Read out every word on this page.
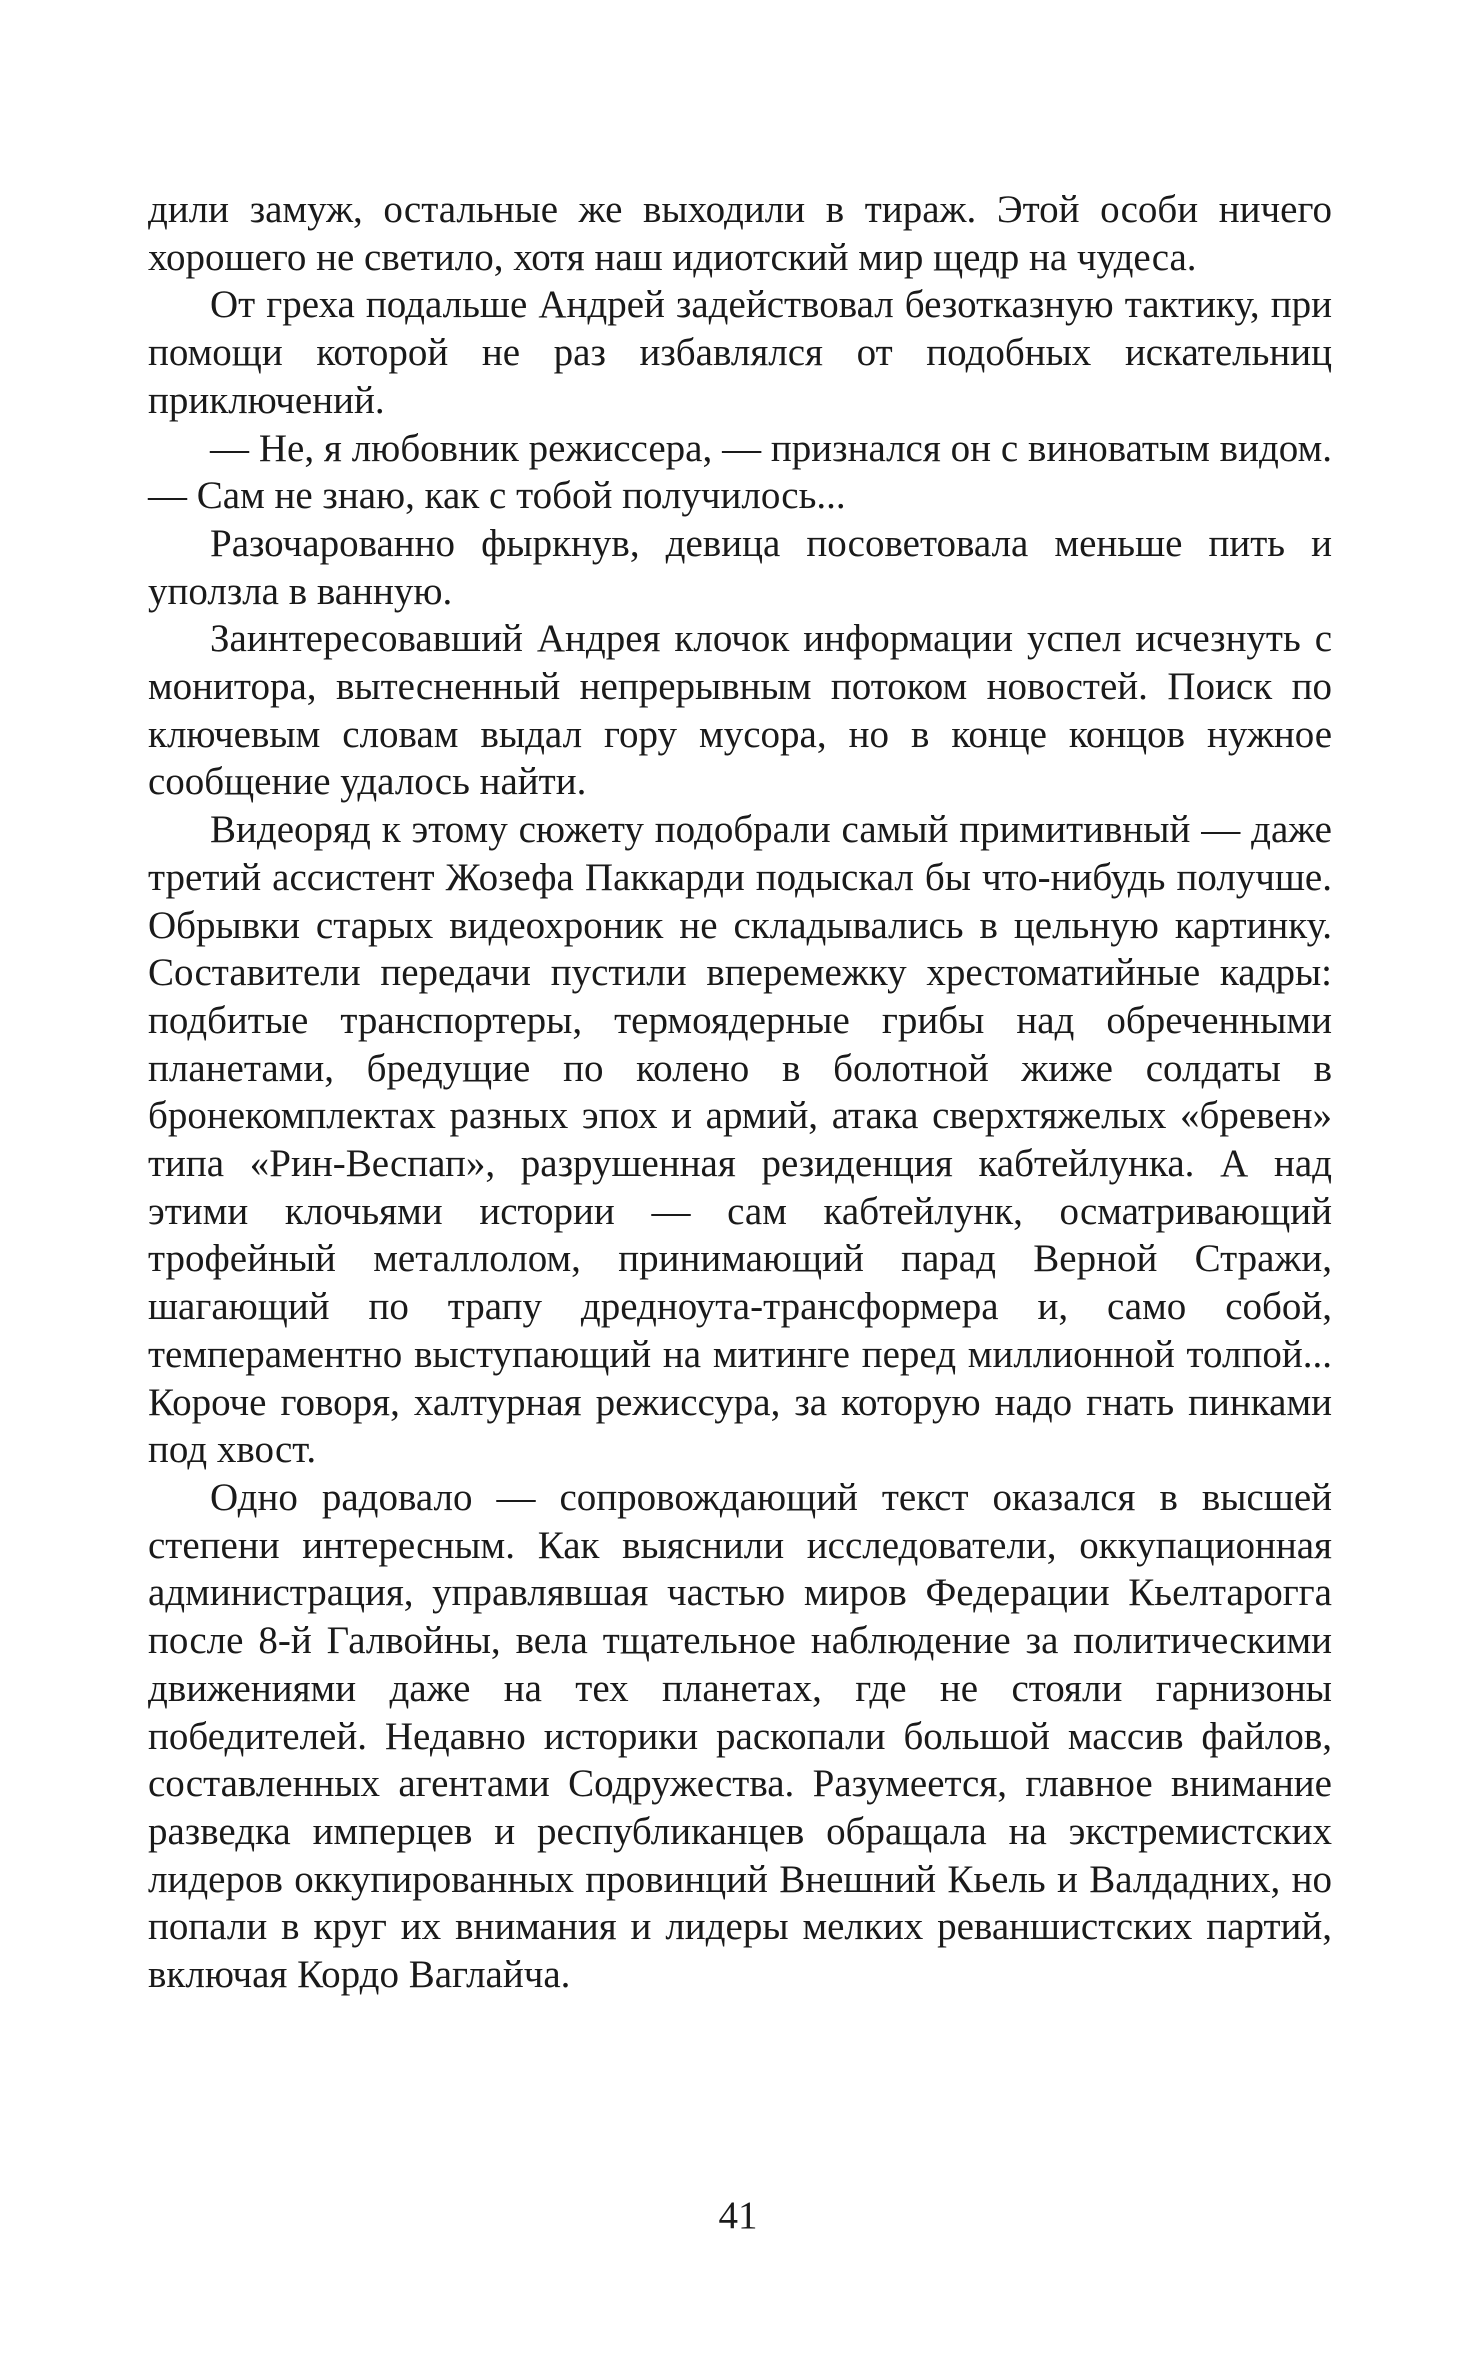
дили замуж, остальные же выходили в тираж. Этой особи ничего хорошего не светило, хотя наш идиотский мир щедр на чудеса.

От греха подальше Андрей задействовал безотказную тактику, при помощи которой не раз избавлялся от подобных искательниц приключений.

— Не, я любовник режиссера, — признался он с виноватым видом. — Сам не знаю, как с тобой получилось...

Разочарованно фыркнув, девица посоветовала меньше пить и уползла в ванную.

Заинтересовавший Андрея клочок информации успел исчезнуть с монитора, вытесненный непрерывным потоком новостей. Поиск по ключевым словам выдал гору мусора, но в конце концов нужное сообщение удалось найти.

Видеоряд к этому сюжету подобрали самый примитивный — даже третий ассистент Жозефа Паккарди подыскал бы что-нибудь получше. Обрывки старых видеохроник не складывались в цельную картинку. Составители передачи пустили вперемежку хрестоматийные кадры: подбитые транспортеры, термоядерные грибы над обреченными планетами, бредущие по колено в болотной жиже солдаты в бронекомплектах разных эпох и армий, атака сверхтяжелых «бревен» типа «Рин-Веспап», разрушенная резиденция кабтейлунка. А над этими клочьями истории — сам кабтейлунк, осматривающий трофейный металлолом, принимающий парад Верной Стражи, шагающий по трапу дредноута-трансформера и, само собой, темпераментно выступающий на митинге перед миллионной толпой... Короче говоря, халтурная режиссура, за которую надо гнать пинками под хвост.

Одно радовало — сопровождающий текст оказался в высшей степени интересным. Как выяснили исследователи, оккупационная администрация, управлявшая частью миров Федерации Кьелтарогга после 8-й Галвойны, вела тщательное наблюдение за политическими движениями даже на тех планетах, где не стояли гарнизоны победителей. Недавно историки раскопали большой массив файлов, составленных агентами Содружества. Разумеется, главное внимание разведка имперцев и республиканцев обращала на экстремистских лидеров оккупированных провинций Внешний Кьель и Валдадних, но попали в круг их внимания и лидеры мелких реваншистских партий, включая Кордо Ваглайча.

41
